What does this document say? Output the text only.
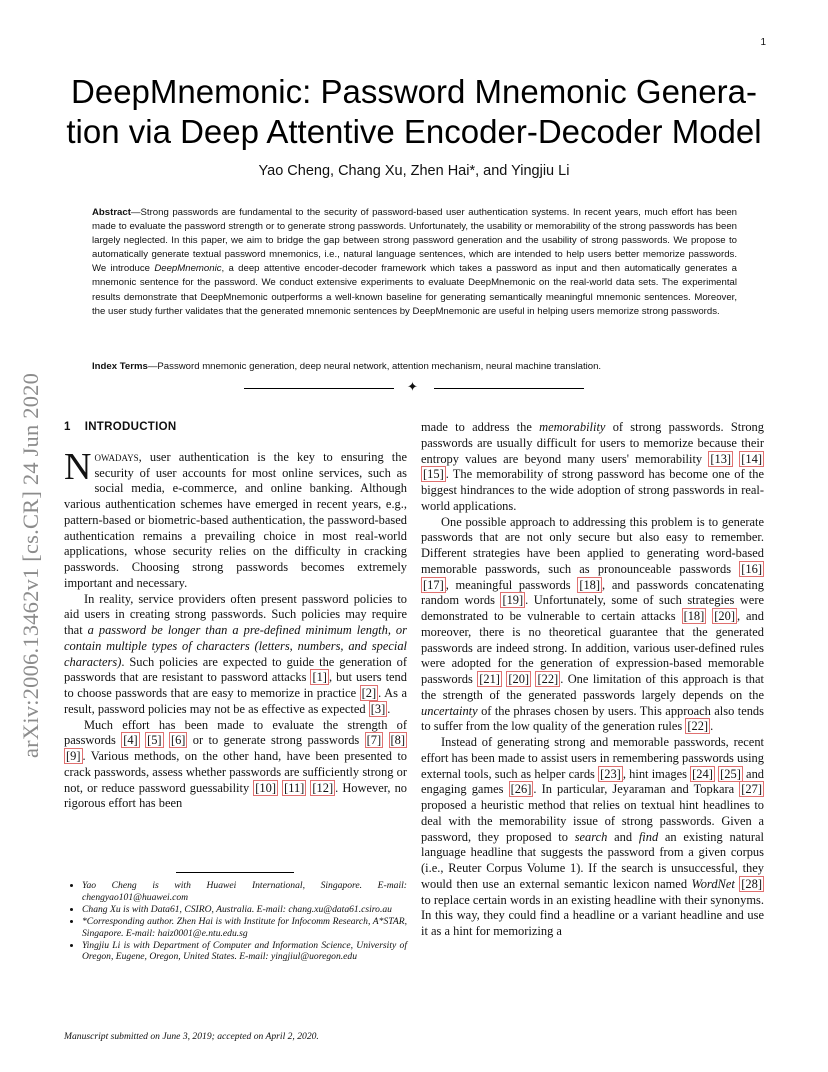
1
arXiv:2006.13462v1 [cs.CR] 24 Jun 2020
DeepMnemonic: Password Mnemonic Genera- tion via Deep Attentive Encoder-Decoder Model
Yao Cheng, Chang Xu, Zhen Hai*, and Yingjiu Li

Abstract—Strong passwords are fundamental to the security of password-based user authentication systems. In recent years, much effort has been made to evaluate the password strength or to generate strong passwords. Unfortunately, the usability or memorability of the strong passwords has been largely neglected. In this paper, we aim to bridge the gap between strong password generation and the usability of strong passwords. We propose to automatically generate textual password mnemonics, i.e., natural language sentences, which are intended to help users better memorize passwords. We introduce DeepMnemonic, a deep attentive encoder-decoder framework which takes a password as input and then automatically generates a mnemonic sentence for the password. We conduct extensive experiments to evaluate DeepMnemonic on the real-world data sets. The experimental results demonstrate that DeepMnemonic outperforms a well-known baseline for generating semantically meaningful mnemonic sentences. Moreover, the user study further validates that the generated mnemonic sentences by DeepMnemonic are useful in helping users memorize strong passwords.

Index Terms—Password mnemonic generation, deep neural network, attention mechanism, neural machine translation.

✦
1 INTRODUCTION

Nowadays, user authentication is the key to ensuring the security of user accounts for most online services, such as social media, e-commerce, and online banking. Although various authentication schemes have emerged in recent years, e.g., pattern-based or biometric-based authentication, the password-based authentication remains a prevailing choice in most real-world applications, whose security relies on the difficulty in cracking passwords. Choosing strong passwords becomes extremely important and necessary.

In reality, service providers often present password policies to aid users in creating strong passwords. Such policies may require that a password be longer than a pre-defined minimum length, or contain multiple types of characters (letters, numbers, and special characters). Such policies are expected to guide the generation of passwords that are resistant to password attacks [1] , but users tend to choose passwords that are easy to memorize in practice [2] . As a result, password policies may not be as effective as expected [3] .

Much effort has been made to evaluate the strength of passwords [4] [5] [6] or to generate strong passwords [7] [8] [9] . Various methods, on the other hand, have been presented to crack passwords, assess whether passwords are sufficiently strong or not, or reduce password guessability [10] [11] [12] . However, no rigorous effort has been

• Yao Cheng is with Huawei International, Singapore. E-mail: chengyao101@huawei.com
• Chang Xu is with Data61, CSIRO, Australia. E-mail: chang.xu@data61.csiro.au
• *Corresponding author. Zhen Hai is with Institute for Infocomm Research, A*STAR, Singapore. E-mail: haiz0001@e.ntu.edu.sg
• Yingjiu Li is with Department of Computer and Information Science, University of Oregon, Eugene, Oregon, United States. E-mail: yingjiul@uoregon.edu
Manuscript submitted on June 3, 2019; accepted on April 2, 2020.

made to address the memorability of strong passwords. Strong passwords are usually difficult for users to memorize because their entropy values are beyond many users' memorability [13] [14] [15] . The memorability of strong password has become one of the biggest hindrances to the wide adoption of strong passwords in real-world applications.

One possible approach to addressing this problem is to generate passwords that are not only secure but also easy to remember. Different strategies have been applied to generating word-based memorable passwords, such as pronounceable passwords [16] [17] , meaningful passwords [18] , and passwords concatenating random words [19] . Unfortunately, some of such strategies were demonstrated to be vulnerable to certain attacks [18] [20] , and moreover, there is no theoretical guarantee that the generated passwords are indeed strong. In addition, various user-defined rules were adopted for the generation of expression-based memorable passwords [21] [20] [22] . One limitation of this approach is that the strength of the generated passwords largely depends on the uncertainty of the phrases chosen by users. This approach also tends to suffer from the low quality of the generation rules [22] .

Instead of generating strong and memorable passwords, recent effort has been made to assist users in remembering passwords using external tools, such as helper cards [23] , hint images [24] [25] and engaging games [26] . In particular, Jeyaraman and Topkara [27] proposed a heuristic method that relies on textual hint headlines to deal with the memorability issue of strong passwords. Given a password, they proposed to search and find an existing natural language headline that suggests the password from a given corpus (i.e., Reuter Corpus Volume 1). If the search is unsuccessful, they would then use an external semantic lexicon named WordNet [28] to replace certain words in an existing headline with their synonyms. In this way, they could find a headline or a variant headline and use it as a hint for memorizing a
